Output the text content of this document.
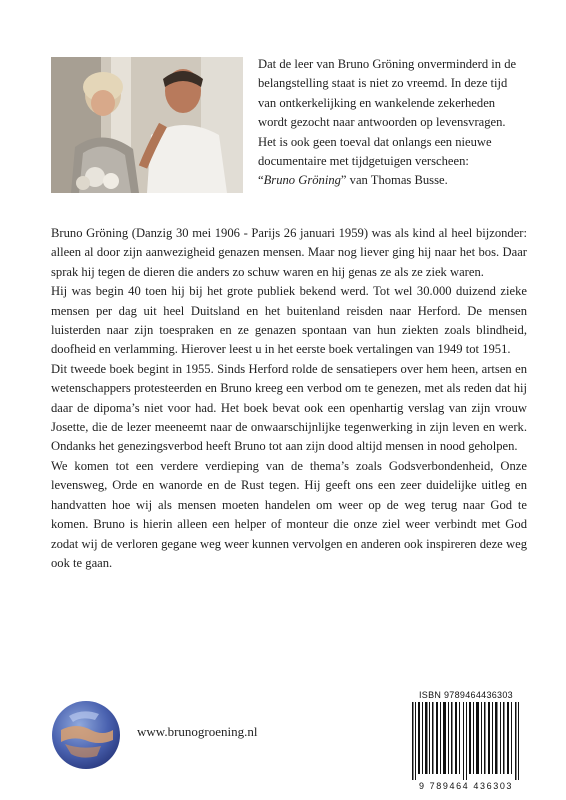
Dat de leer van Bruno Gröning onverminderd in de
belangstelling staat is niet zo vreemd. In deze tijd
van ontkerkelijking en wankelende zekerheden
wordt gezocht naar antwoorden op levensvragen.
Het is ook geen toeval dat onlangs een nieuwe
documentaire met tijdgetuigen verscheen:
“Bruno Gröning” van Thomas Busse.

Bruno Gröning (Danzig 30 mei 1906 - Parijs 26 januari 1959) was als kind al heel bijzonder: alleen al door zijn aanwezigheid genazen mensen. Maar nog liever ging hij naar het bos. Daar sprak hij tegen de dieren die anders zo schuw waren en hij genas ze als ze ziek waren.

Hij was begin 40 toen hij bij het grote publiek bekend werd. Tot wel 30.000 duizend zieke mensen per dag uit heel Duitsland en het buitenland reisden naar Herford. De mensen luisterden naar zijn toespraken en ze genazen spontaan van hun ziekten zoals blindheid, doofheid en verlamming. Hierover leest u in het eerste boek vertalingen van 1949 tot 1951.

Dit tweede boek begint in 1955. Sinds Herford rolde de sensatiepers over hem heen, artsen en wetenschappers protesteerden en Bruno kreeg een verbod om te genezen, met als reden dat hij daar de dipoma’s niet voor had. Het boek bevat ook een openhartig verslag van zijn vrouw Josette, die de lezer meeneemt naar de onwaarschijnlijke tegenwerking in zijn leven en werk. Ondanks het genezingsverbod heeft Bruno tot aan zijn dood altijd mensen in nood geholpen.

We komen tot een verdere verdieping van de thema’s zoals Godsverbondenheid, Onze levensweg, Orde en wanorde en de Rust tegen. Hij geeft ons een zeer duidelijke uitleg en handvatten hoe wij als mensen moeten handelen om weer op de weg terug naar God te komen. Bruno is hierin alleen een helper of monteur die onze ziel weer verbindt met God zodat wij de verloren gegane weg weer kunnen vervolgen en anderen ook inspireren deze weg ook te gaan.

www.brunogroening.nl
ISBN 9789464436303
9 789464 436303
